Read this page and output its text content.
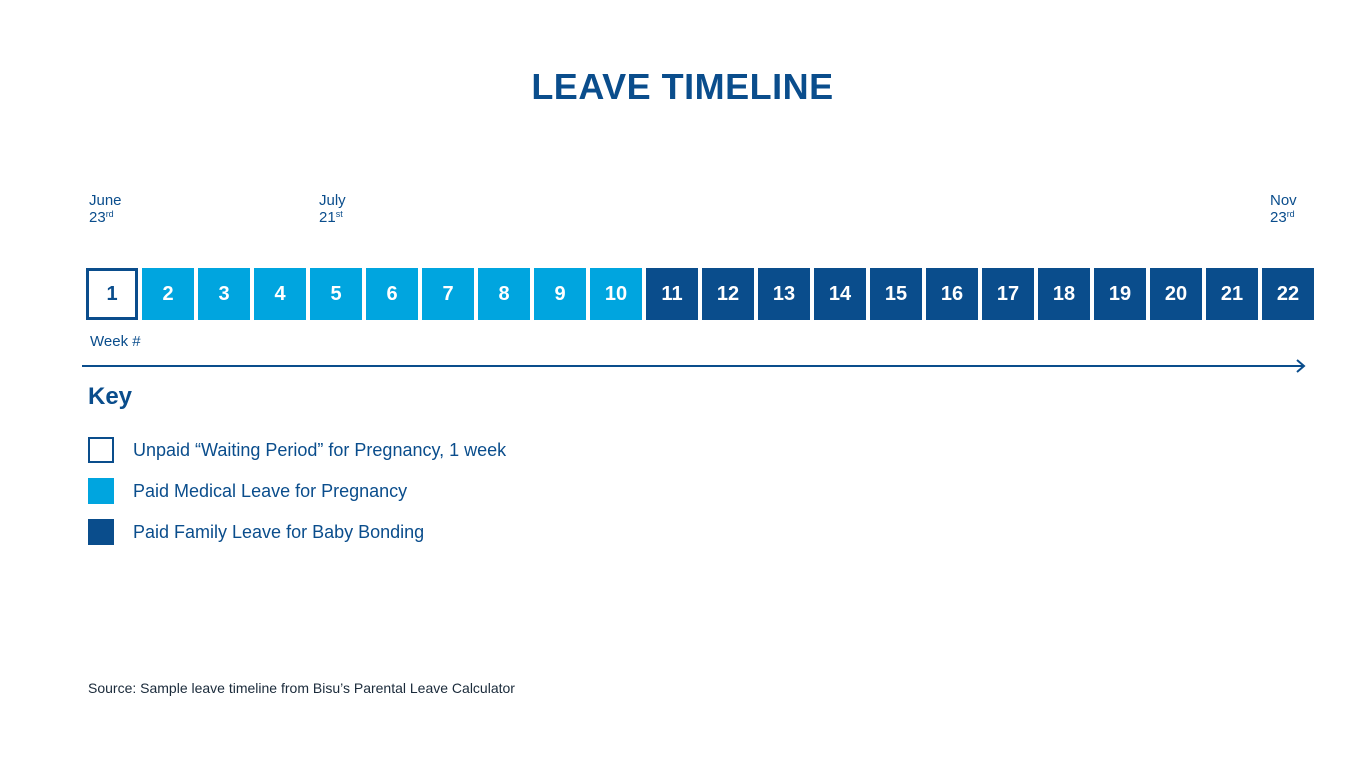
LEAVE TIMELINE
June
23rd
July
21st
Nov
23rd
1	2	3	4	5	6	7	8	9	10	11	12	13	14	15	16	17	18	19	20	21	22
Week #
Key
Unpaid “Waiting Period” for Pregnancy, 1 week
Paid Medical Leave for Pregnancy
Paid Family Leave for Baby Bonding
Source: Sample leave timeline from Bisu’s Parental Leave Calculator
